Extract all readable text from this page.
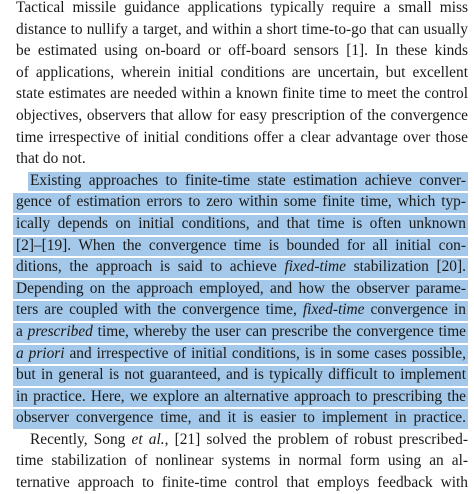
Tactical missile guidance applications typically require a small miss
distance to nullify a target, and within a short time-to-go that can usually
be estimated using on-board or off-board sensors [1]. In these kinds
of applications, wherein initial conditions are uncertain, but excellent
state estimates are needed within a known finite time to meet the control
objectives, observers that allow for easy prescription of the convergence
time irrespective of initial conditions offer a clear advantage over those
that do not.
Existing approaches to finite-time state estimation achieve conver-
gence of estimation errors to zero within some finite time, which typ-
ically depends on initial conditions, and that time is often unknown
[2]–[19]. When the convergence time is bounded for all initial con-
ditions, the approach is said to achieve fixed-time stabilization [20].
Depending on the approach employed, and how the observer parame-
ters are coupled with the convergence time, fixed-time convergence in
a prescribed time, whereby the user can prescribe the convergence time
a priori and irrespective of initial conditions, is in some cases possible,
but in general is not guaranteed, and is typically difficult to implement
in practice. Here, we explore an alternative approach to prescribing the
observer convergence time, and it is easier to implement in practice.
Recently, Song et al., [21] solved the problem of robust prescribed-
time stabilization of nonlinear systems in normal form using an al-
ternative approach to finite-time control that employs feedback with
